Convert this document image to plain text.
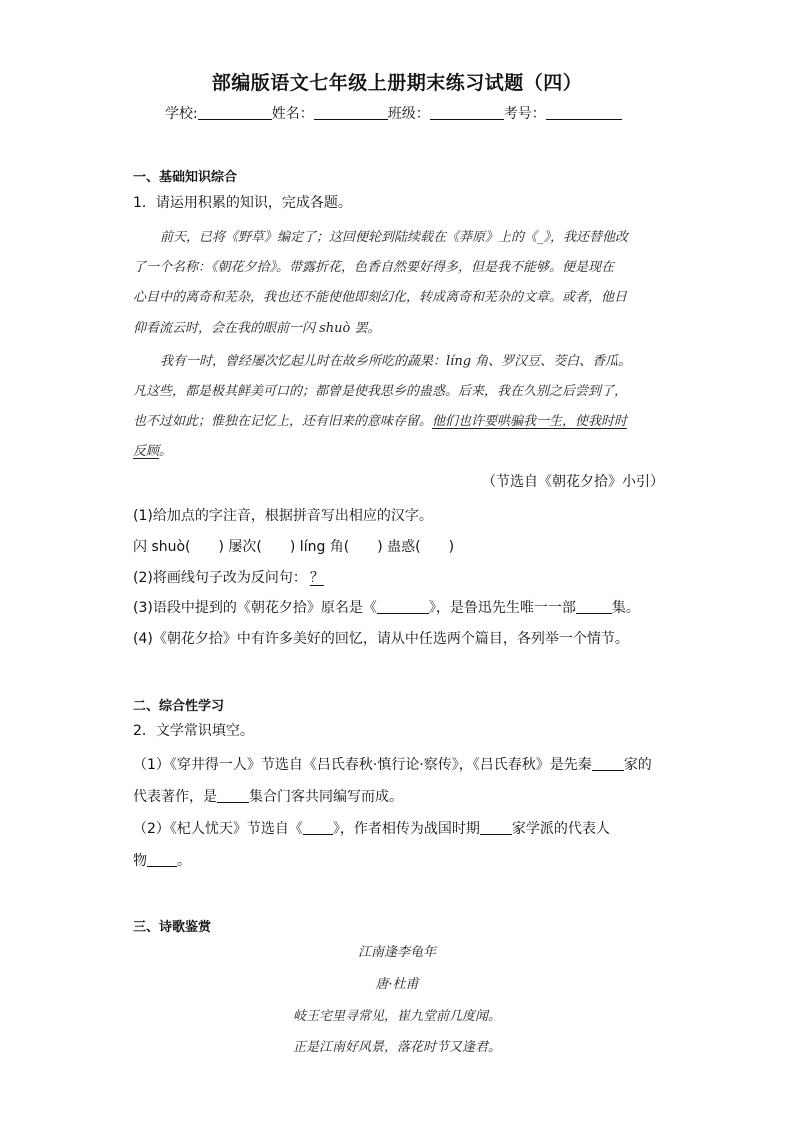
部编版语文七年级上册期末练习试题（四）
学校:	姓名：	班级：	考号：
一、基础知识综合
1．请运用积累的知识，完成各题。
前天，已将《野草》编定了；这回便轮到陆续载在《莽原》上的《_》，我还替他改
了一个名称：《朝花夕拾》。带露折花，色香自然要好得多，但是我不能够。便是现在
心目中的离奇和芜杂，我也还不能使他即刻幻化，转成离奇和芜杂的文章。或者，他日
仰看流云时，会在我的眼前一闪 shuò 罢。
我有一时，曾经屡次忆起儿时在故乡所吃的蔬果：líng 角、罗汉豆、茭白、香瓜。
凡这些，都是极其鲜美可口的；都曾是使我思乡的蛊惑。后来，我在久别之后尝到了，
也不过如此；惟独在记忆上，还有旧来的意味存留。他们也许要哄骗我一生，使我时时
反顾。
（节选自《朝花夕拾》小引）
(1)给加点的字注音，根据拼音写出相应的汉字。
闪 shuò(　　) 屡次(　　) líng 角(　　) 蛊惑(　　)
(2)将画线句子改为反问句： ？
(3)语段中提到的《朝花夕拾》原名是《	》，是鲁迅先生唯一一部	集。
(4)《朝花夕拾》中有许多美好的回忆，请从中任选两个篇目，各列举一个情节。
二、综合性学习
2．文学常识填空。
（1）《穿井得一人》节选自《吕氏春秋·慎行论·察传》，《吕氏春秋》是先秦 家的
代表著作，是 集合门客共同编写而成。
（2）《杞人忧天》节选自《 》，作者相传为战国时期 家学派的代表人
物 。
三、诗歌鉴赏
江南逢李龟年
唐·杜甫
岐王宅里寻常见，崔九堂前几度闻。
正是江南好风景，落花时节又逢君。
